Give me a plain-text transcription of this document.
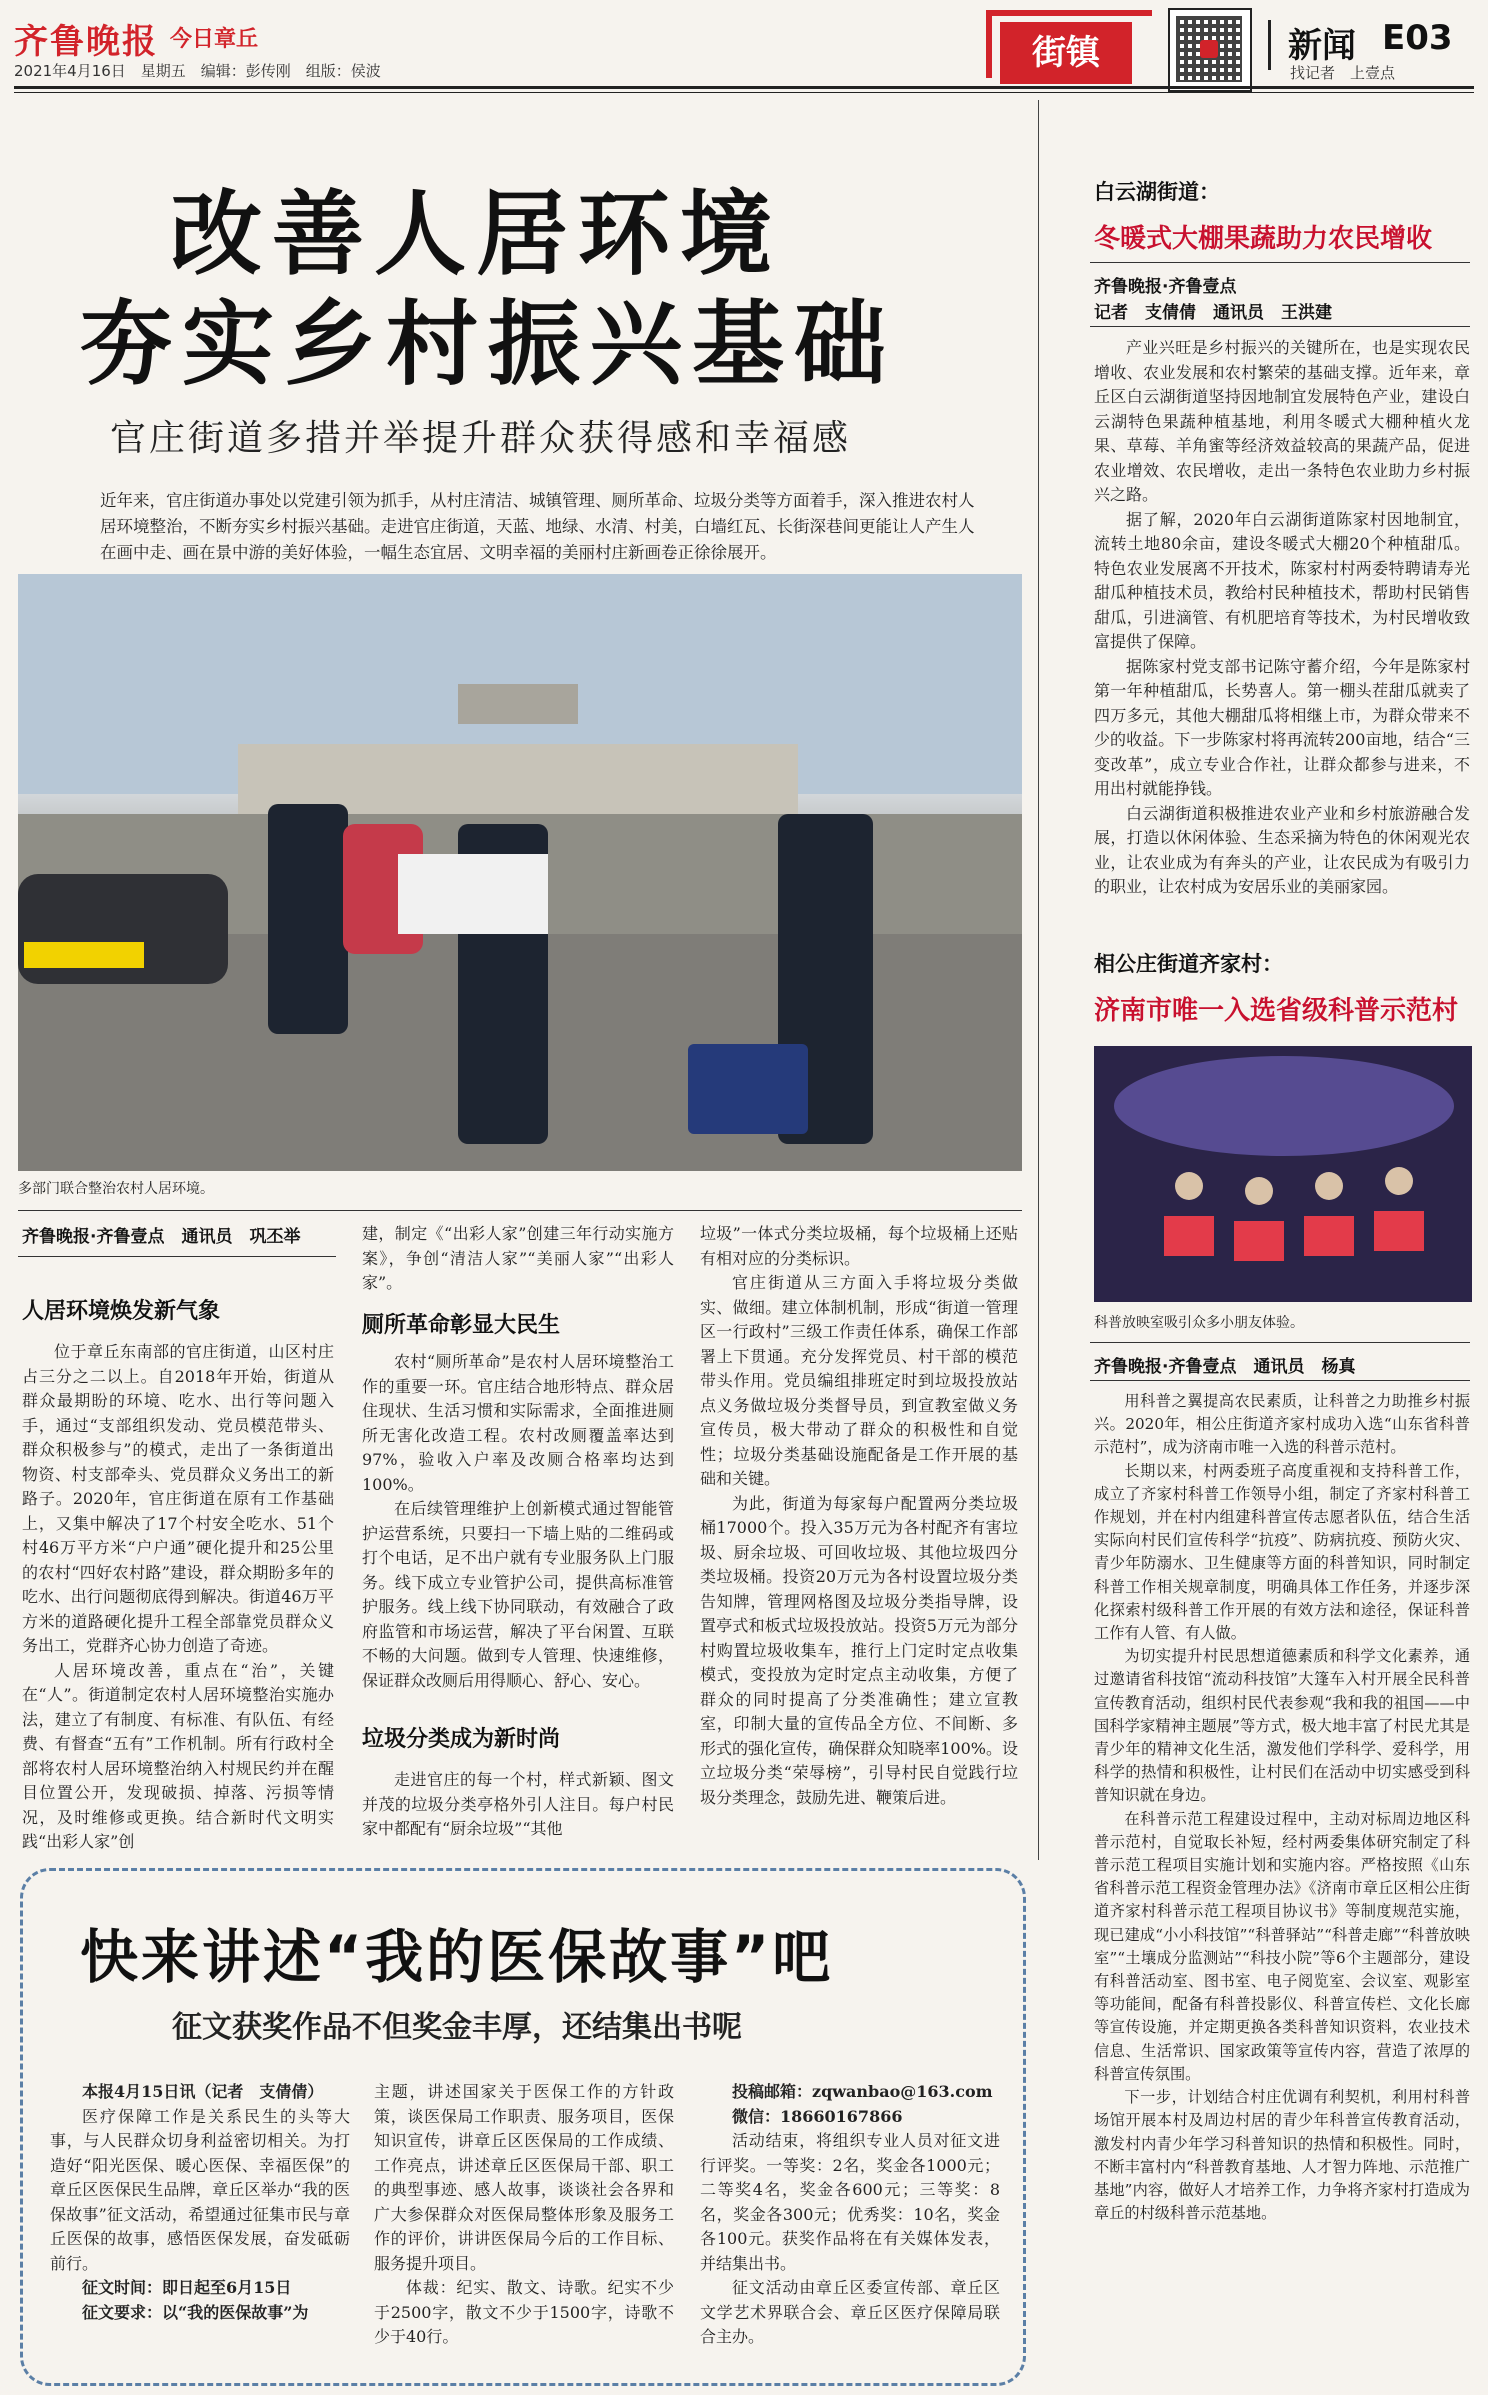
齐鲁晚报 今日章丘
2021年4月16日　星期五　编辑：彭传刚　组版：侯波	街镇	新闻 E03
找记者　上壹点
改善人居环境
夯实乡村振兴基础
官庄街道多措并举提升群众获得感和幸福感
近年来，官庄街道办事处以党建引领为抓手，从村庄清洁、城镇管理、厕所革命、垃圾分类等方面着手，深入推进农村人居环境整治，不断夯实乡村振兴基础。走进官庄街道，天蓝、地绿、水清、村美，白墙红瓦、长街深巷间更能让人产生人在画中走、画在景中游的美好体验，一幅生态宜居、文明幸福的美丽村庄新画卷正徐徐展开。
多部门联合整治农村人居环境。
齐鲁晚报·齐鲁壹点　通讯员　巩丕举
人居环境焕发新气象

位于章丘东南部的官庄街道，山区村庄占三分之二以上。自2018年开始，街道从群众最期盼的环境、吃水、出行等问题入手，通过“支部组织发动、党员模范带头、群众积极参与”的模式，走出了一条街道出物资、村支部牵头、党员群众义务出工的新路子。2020年，官庄街道在原有工作基础上，又集中解决了17个村安全吃水、51个村46万平方米“户户通”硬化提升和25公里的农村“四好农村路”建设，群众期盼多年的吃水、出行问题彻底得到解决。街道46万平方米的道路硬化提升工程全部靠党员群众义务出工，党群齐心协力创造了奇迹。

人居环境改善，重点在“治”，关键在“人”。街道制定农村人居环境整治实施办法，建立了有制度、有标准、有队伍、有经费、有督查“五有”工作机制。所有行政村全部将农村人居环境整治纳入村规民约并在醒目位置公开，发现破损、掉落、污损等情况，及时维修或更换。结合新时代文明实践“出彩人家”创

建，制定《“出彩人家”创建三年行动实施方案》，争创“清洁人家”“美丽人家”“出彩人家”。

厕所革命彰显大民生

农村“厕所革命”是农村人居环境整治工作的重要一环。官庄结合地形特点、群众居住现状、生活习惯和实际需求，全面推进厕所无害化改造工程。农村改厕覆盖率达到97%，验收入户率及改厕合格率均达到100%。

在后续管理维护上创新模式通过智能管护运营系统，只要扫一下墙上贴的二维码或打个电话，足不出户就有专业服务队上门服务。线下成立专业管护公司，提供高标准管护服务。线上线下协同联动，有效融合了政府监管和市场运营，解决了平台闲置、互联不畅的大问题。做到专人管理、快速维修，保证群众改厕后用得顺心、舒心、安心。

垃圾分类成为新时尚

走进官庄的每一个村，样式新颖、图文并茂的垃圾分类亭格外引人注目。每户村民家中都配有“厨余垃圾”“其他

垃圾”一体式分类垃圾桶，每个垃圾桶上还贴有相对应的分类标识。

官庄街道从三方面入手将垃圾分类做实、做细。建立体制机制，形成“街道一管理区一行政村”三级工作责任体系，确保工作部署上下贯通。充分发挥党员、村干部的模范带头作用。党员编组排班定时到垃圾投放站点义务做垃圾分类督导员，到宣教室做义务宣传员，极大带动了群众的积极性和自觉性；垃圾分类基础设施配备是工作开展的基础和关键。

为此，街道为每家每户配置两分类垃圾桶17000个。投入35万元为各村配齐有害垃圾、厨余垃圾、可回收垃圾、其他垃圾四分类垃圾桶。投资20万元为各村设置垃圾分类告知牌，管理网格图及垃圾分类指导牌，设置亭式和板式垃圾投放站。投资5万元为部分村购置垃圾收集车，推行上门定时定点收集模式，变投放为定时定点主动收集，方便了群众的同时提高了分类准确性；建立宣教室，印制大量的宣传品全方位、不间断、多形式的强化宣传，确保群众知晓率100%。设立垃圾分类“荣辱榜”，引导村民自觉践行垃圾分类理念，鼓励先进、鞭策后进。

白云湖街道：
冬暖式大棚果蔬助力农民增收
齐鲁晚报·齐鲁壹点
记者　支倩倩　通讯员　王洪建

产业兴旺是乡村振兴的关键所在，也是实现农民增收、农业发展和农村繁荣的基础支撑。近年来，章丘区白云湖街道坚持因地制宜发展特色产业，建设白云湖特色果蔬种植基地，利用冬暖式大棚种植火龙果、草莓、羊角蜜等经济效益较高的果蔬产品，促进农业增效、农民增收，走出一条特色农业助力乡村振兴之路。

据了解，2020年白云湖街道陈家村因地制宜，流转土地80余亩，建设冬暖式大棚20个种植甜瓜。特色农业发展离不开技术，陈家村村两委特聘请寿光甜瓜种植技术员，教给村民种植技术，帮助村民销售甜瓜，引进滴管、有机肥培育等技术，为村民增收致富提供了保障。

据陈家村党支部书记陈守蓄介绍，今年是陈家村第一年种植甜瓜，长势喜人。第一棚头茬甜瓜就卖了四万多元，其他大棚甜瓜将相继上市，为群众带来不少的收益。下一步陈家村将再流转200亩地，结合“三变改革”，成立专业合作社，让群众都参与进来，不用出村就能挣钱。

白云湖街道积极推进农业产业和乡村旅游融合发展，打造以休闲体验、生态采摘为特色的休闲观光农业，让农业成为有奔头的产业，让农民成为有吸引力的职业，让农村成为安居乐业的美丽家园。

相公庄街道齐家村：
济南市唯一入选省级科普示范村
科普放映室吸引众多小朋友体验。
齐鲁晚报·齐鲁壹点　通讯员　杨真

用科普之翼提高农民素质，让科普之力助推乡村振兴。2020年，相公庄街道齐家村成功入选“山东省科普示范村”，成为济南市唯一入选的科普示范村。

长期以来，村两委班子高度重视和支持科普工作，成立了齐家村科普工作领导小组，制定了齐家村科普工作规划，并在村内组建科普宣传志愿者队伍，结合生活实际向村民们宣传科学“抗疫”、防病抗疫、预防火灾、青少年防溺水、卫生健康等方面的科普知识，同时制定科普工作相关规章制度，明确具体工作任务，并逐步深化探索村级科普工作开展的有效方法和途径，保证科普工作有人管、有人做。

为切实提升村民思想道德素质和科学文化素养，通过邀请省科技馆“流动科技馆”大篷车入村开展全民科普宣传教育活动，组织村民代表参观“我和我的祖国——中国科学家精神主题展”等方式，极大地丰富了村民尤其是青少年的精神文化生活，激发他们学科学、爱科学，用科学的热情和积极性，让村民们在活动中切实感受到科普知识就在身边。

在科普示范工程建设过程中，主动对标周边地区科普示范村，自觉取长补短，经村两委集体研究制定了科普示范工程项目实施计划和实施内容。严格按照《山东省科普示范工程资金管理办法》《济南市章丘区相公庄街道齐家村科普示范工程项目协议书》等制度规范实施，现已建成“小小科技馆”“科普驿站”“科普走廊”“科普放映室”“土壤成分监测站”“科技小院”等6个主题部分，建设有科普活动室、图书室、电子阅览室、会议室、观影室等功能间，配备有科普投影仪、科普宣传栏、文化长廊等宣传设施，并定期更换各类科普知识资料，农业技术信息、生活常识、国家政策等宣传内容，营造了浓厚的科普宣传氛围。

下一步，计划结合村庄优调有利契机，利用村科普场馆开展本村及周边村居的青少年科普宣传教育活动，激发村内青少年学习科普知识的热情和积极性。同时，不断丰富村内“科普教育基地、人才智力阵地、示范推广基地”内容，做好人才培养工作，力争将齐家村打造成为章丘的村级科普示范基地。

快来讲述“我的医保故事”吧
征文获奖作品不但奖金丰厚，还结集出书呢

本报4月15日讯（记者　支倩倩）

医疗保障工作是关系民生的头等大事，与人民群众切身利益密切相关。为打造好“阳光医保、暖心医保、幸福医保”的章丘区医保民生品牌，章丘区举办“我的医保故事”征文活动，希望通过征集市民与章丘医保的故事，感悟医保发展，奋发砥砺前行。

征文时间：即日起至6月15日

征文要求：以“我的医保故事”为

主题，讲述国家关于医保工作的方针政策，谈医保局工作职责、服务项目，医保知识宣传，讲章丘区医保局的工作成绩、工作亮点，讲述章丘区医保局干部、职工的典型事迹、感人故事，谈谈社会各界和广大参保群众对医保局整体形象及服务工作的评价，讲讲医保局今后的工作目标、服务提升项目。

体裁：纪实、散文、诗歌。纪实不少于2500字，散文不少于1500字，诗歌不少于40行。

投稿邮箱：zqwanbao@163.com

微信：18660167866

活动结束，将组织专业人员对征文进行评奖。一等奖：2名，奖金各1000元；二等奖4名，奖金各600元；三等奖：8名，奖金各300元；优秀奖：10名，奖金各100元。获奖作品将在有关媒体发表，并结集出书。

征文活动由章丘区委宣传部、章丘区文学艺术界联合会、章丘区医疗保障局联合主办。
